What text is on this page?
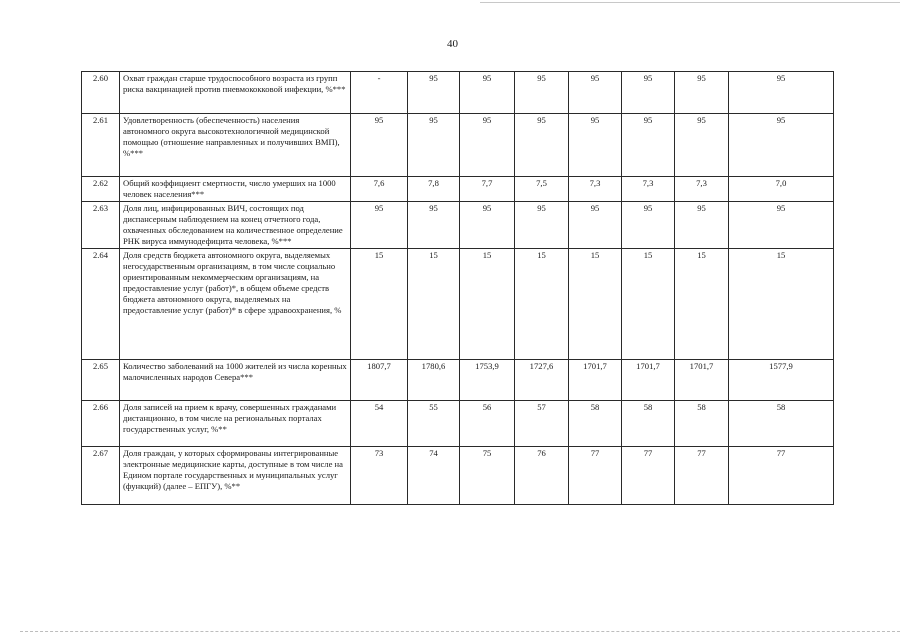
40
2.60	Охват граждан старше трудоспособного возраста из групп риска вакцинацией против пневмококковой инфекции, %***	-	95	95	95	95	95	95	95
2.61	Удовлетворенность (обеспеченность) населения автономного округа высокотехнологичной медицинской помощью (отношение направленных и получивших ВМП), %***	95	95	95	95	95	95	95	95
2.62	Общий коэффициент смертности, число умерших на 1000 человек населения***	7,6	7,8	7,7	7,5	7,3	7,3	7,3	7,0
2.63	Доля лиц, инфицированных ВИЧ, состоящих под диспансерным наблюдением на конец отчетного года, охваченных обследованием на количественное определение РНК вируса иммунодефицита человека, %***	95	95	95	95	95	95	95	95
2.64	Доля средств бюджета автономного округа, выделяемых негосударственным организациям, в том числе социально ориентированным некоммерческим организациям, на предоставление услуг (работ)*, в общем объеме средств бюджета автономного округа, выделяемых на предоставление услуг (работ)* в сфере здравоохранения, %	15	15	15	15	15	15	15	15
2.65	Количество заболеваний на 1000 жителей из числа коренных малочисленных народов Севера***	1807,7	1780,6	1753,9	1727,6	1701,7	1701,7	1701,7	1577,9
2.66	Доля записей на прием к врачу, совершенных гражданами дистанционно, в том числе на региональных порталах государственных услуг, %**	54	55	56	57	58	58	58	58
2.67	Доля граждан, у которых сформированы интегрированные электронные медицинские карты, доступные в том числе на Едином портале государственных и муниципальных услуг (функций) (далее – ЕПГУ), %**	73	74	75	76	77	77	77	77
